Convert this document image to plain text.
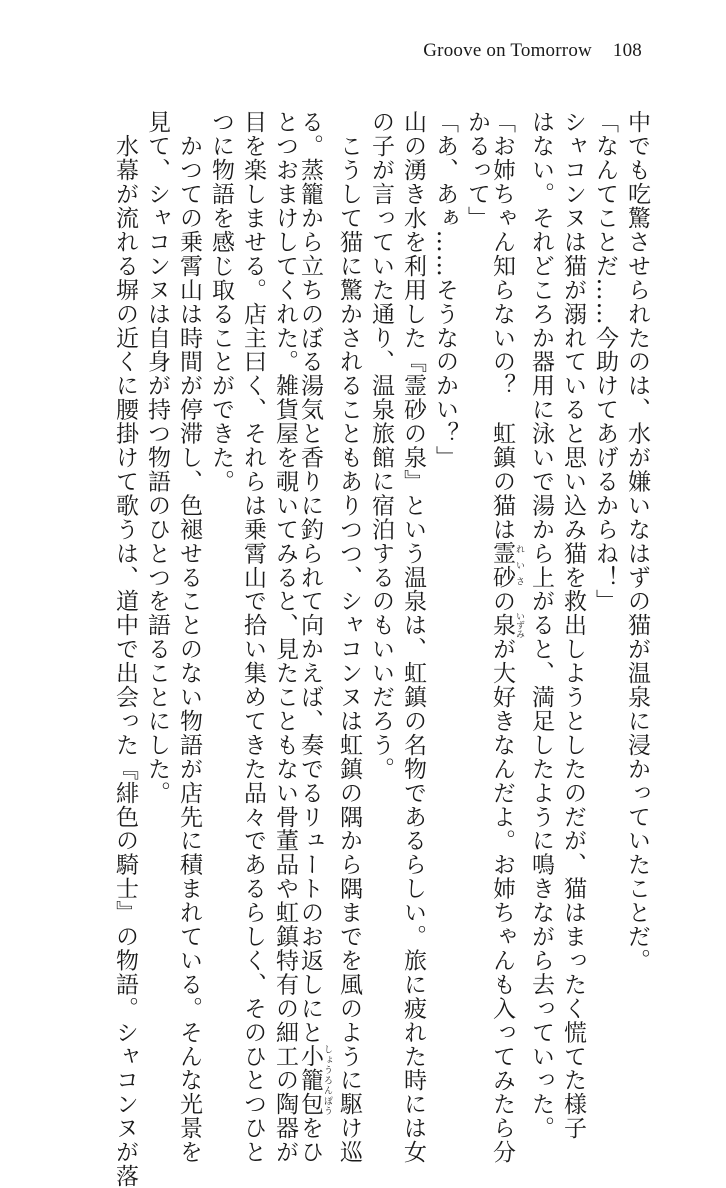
Groove on Tomorrow 108
中でも吃驚させられたのは、水が嫌いなはずの猫が温泉に浸かっていたことだ。
「なんてことだ……今助けてあげるからね！」
シャコンヌは猫が溺れていると思い込み猫を救出しようとしたのだが、猫はまったく慌てた様子
はない。それどころか器用に泳いで湯から上がると、満足したように鳴きながら去っていった。
「お姉ちゃん知らないの？　虹鎮の猫は霊砂 れいさの泉 いずみが大好きなんだよ。お姉ちゃんも入ってみたら分
かるって」
「あ、あぁ……そうなのかい？」
山の湧き水を利用した『霊砂の泉』という温泉は、虹鎮の名物であるらしい。旅に疲れた時には女
の子が言っていた通り、温泉旅館に宿泊するのもいいだろう。
　こうして猫に驚かされることもありつつ、シャコンヌは虹鎮の隅から隅までを風のように駆け巡
る。蒸籠から立ちのぼる湯気と香りに釣られて向かえば、奏でるリュートのお返しにと小籠包 しょうろんぽうをひ
とつおまけしてくれた。雑貨屋を覗いてみると、見たこともない骨董品や虹鎮特有の細工の陶器が
目を楽しませる。店主曰く、それらは乗霄山で拾い集めてきた品々であるらしく、そのひとつひと
つに物語を感じ取ることができた。
　かつての乗霄山は時間が停滞し、色褪せることのない物語が店先に積まれている。そんな光景を
見て、シャコンヌは自身が持つ物語のひとつを語ることにした。
　水幕が流れる塀の近くに腰掛けて歌うは、道中で出会った『緋色の騎士』の物語。シャコンヌが落
